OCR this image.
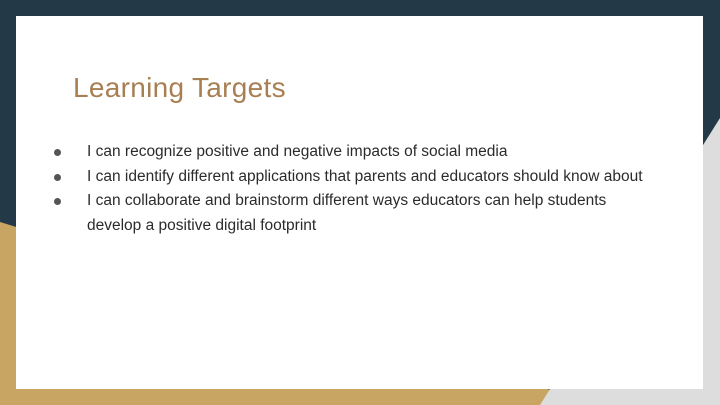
Learning Targets
I can recognize positive and negative impacts of social media
I can identify different applications that parents and educators should know about
I can collaborate and brainstorm different ways educators can help students develop a positive digital footprint
